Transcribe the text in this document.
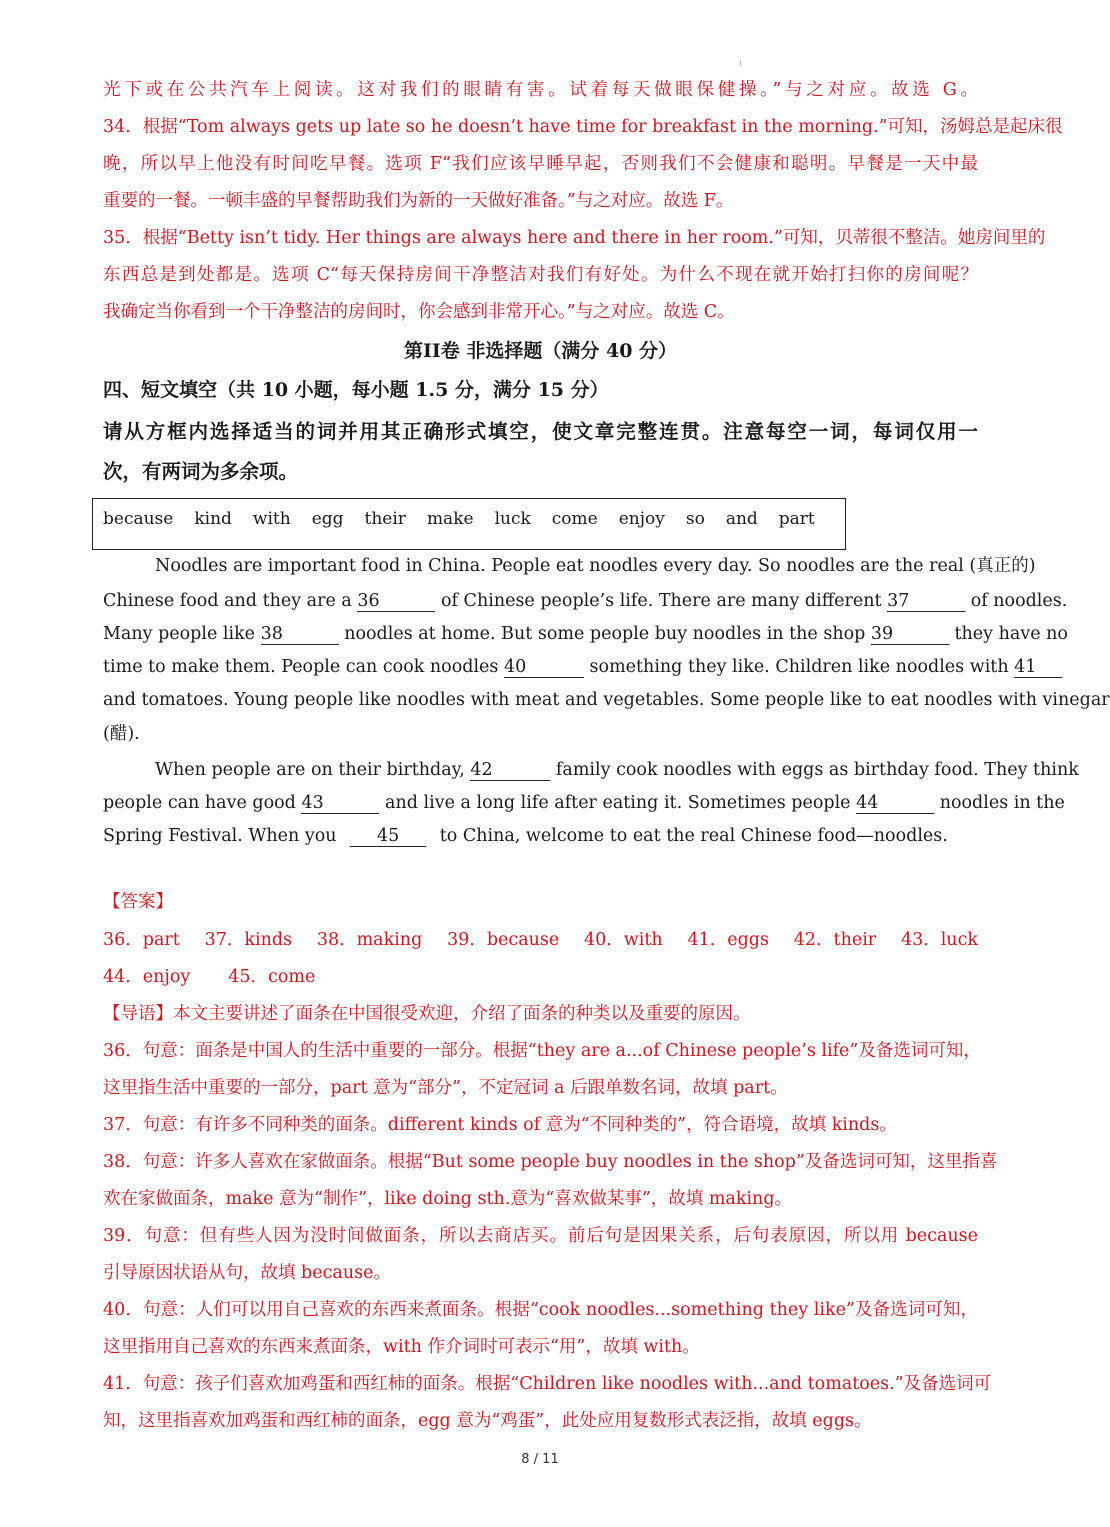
光下或在公共汽车上阅读。这对我们的眼睛有害。试着每天做眼保健操。”与之对应。故选 G。
34．根据“Tom always gets up late so he doesn’t have time for breakfast in the morning.”可知，汤姆总是起床很
晚，所以早上他没有时间吃早餐。选项 F“我们应该早睡早起，否则我们不会健康和聪明。早餐是一天中最
重要的一餐。一顿丰盛的早餐帮助我们为新的一天做好准备。”与之对应。故选 F。
35．根据“Betty isn’t tidy. Her things are always here and there in her room.”可知，贝蒂很不整洁。她房间里的
东西总是到处都是。选项 C“每天保持房间干净整洁对我们有好处。为什么不现在就开始打扫你的房间呢？
我确定当你看到一个干净整洁的房间时，你会感到非常开心。”与之对应。故选 C。
第II卷 非选择题（满分 40 分）
四、短文填空（共 10 小题，每小题 1.5 分，满分 15 分）
请从方框内选择适当的词并用其正确形式填空，使文章完整连贯。注意每空一词，每词仅用一
次，有两词为多余项。
because kind with egg their make luck come enjoy so and part
Noodles are important food in China. People eat noodles every day. So noodles are the real (真正的)
Chinese food and they are a 36	of Chinese people’s life. There are many different 37	of noodles.
Many people like 38	noodles at home. But some people buy noodles in the shop 39	they have no
time to make them. People can cook noodles 40	something they like. Children like noodles with 41
and tomatoes. Young people like noodles with meat and vegetables. Some people like to eat noodles with vinegar
(醋).
When people are on their birthday, 42	family cook noodles with eggs as birthday food. They think
people can have good 43	and live a long life after eating it. Sometimes people 44	noodles in the
Spring Festival. When you 45 to China, welcome to eat the real Chinese food—noodles.
【答案】
36．part 37．kinds 38．making 39．because 40．with 41．eggs 42．their 43．luck
44．enjoy 45．come
【导语】本文主要讲述了面条在中国很受欢迎，介绍了面条的种类以及重要的原因。
36．句意：面条是中国人的生活中重要的一部分。根据“they are a...of Chinese people’s life”及备选词可知，
这里指生活中重要的一部分，part 意为“部分”，不定冠词 a 后跟单数名词，故填 part。
37．句意：有许多不同种类的面条。different kinds of 意为“不同种类的”，符合语境，故填 kinds。
38．句意：许多人喜欢在家做面条。根据“But some people buy noodles in the shop”及备选词可知，这里指喜
欢在家做面条，make 意为“制作”，like doing sth.意为“喜欢做某事”，故填 making。
39．句意：但有些人因为没时间做面条，所以去商店买。前后句是因果关系，后句表原因，所以用 because
引导原因状语从句，故填 because。
40．句意：人们可以用自己喜欢的东西来煮面条。根据“cook noodles...something they like”及备选词可知，
这里指用自己喜欢的东西来煮面条，with 作介词时可表示“用”，故填 with。
41．句意：孩子们喜欢加鸡蛋和西红柿的面条。根据“Children like noodles with...and tomatoes.”及备选词可
知，这里指喜欢加鸡蛋和西红柿的面条，egg 意为“鸡蛋”，此处应用复数形式表泛指，故填 eggs。
8 / 11
